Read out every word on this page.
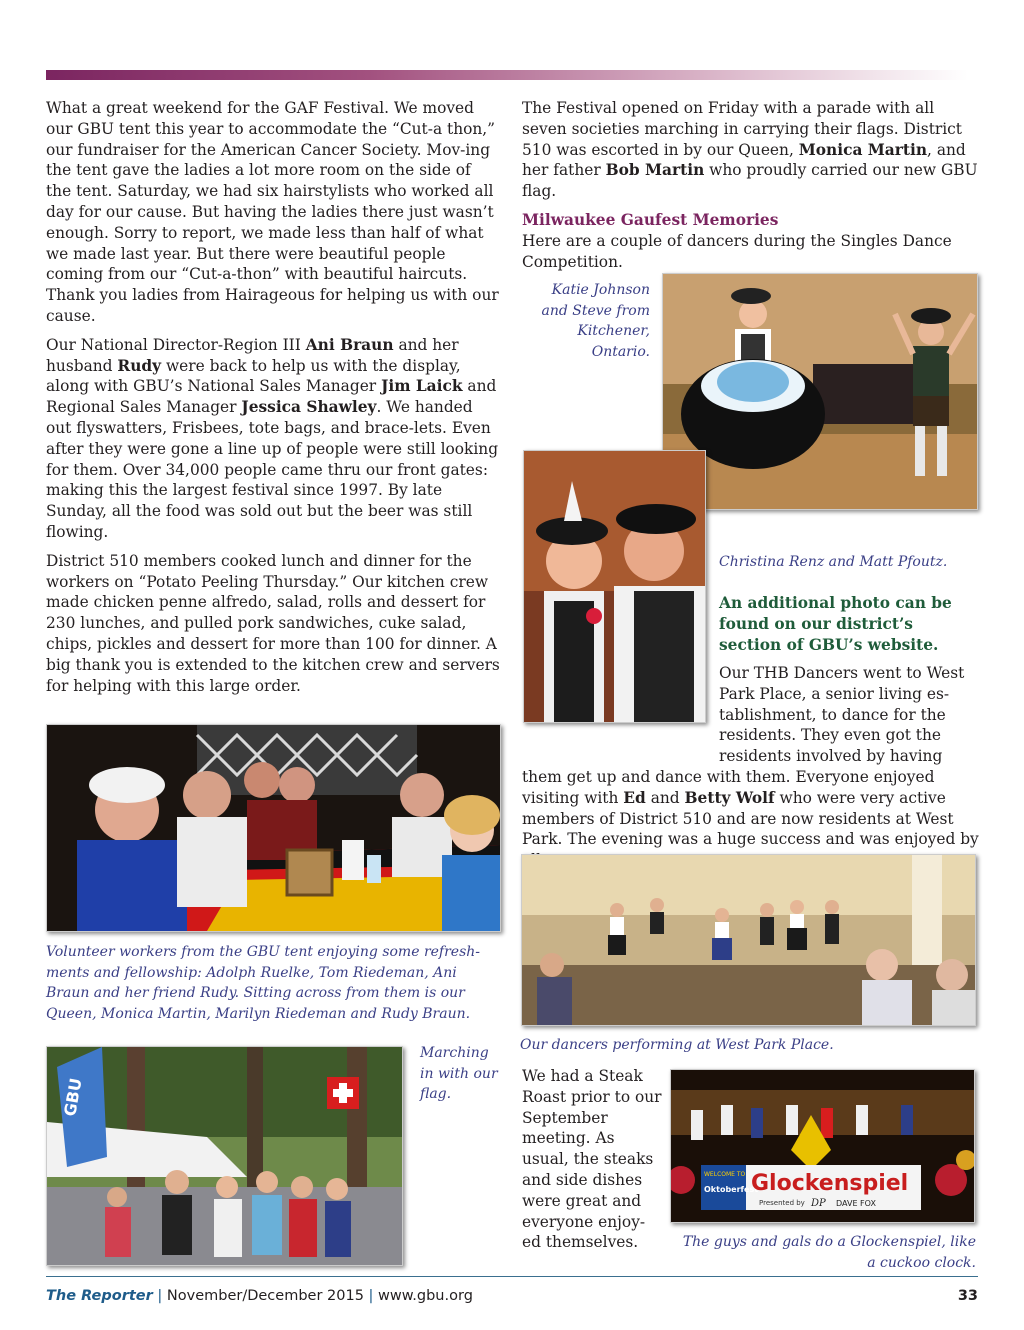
What a great weekend for the GAF Festival. We moved our GBU tent this year to accommodate the “Cut-a thon,” our fundraiser for the American Cancer Society. Mov-ing the tent gave the ladies a lot more room on the side of the tent. Saturday, we had six hairstylists who worked all day for our cause. But having the ladies there just wasn’t enough. Sorry to report, we made less than half of what we made last year. But there were beautiful people coming from our “Cut-a-thon” with beautiful haircuts. Thank you ladies from Hairageous for helping us with our cause.

Our National Director-Region III Ani Braun and her husband Rudy were back to help us with the display, along with GBU’s National Sales Manager Jim Laick and Regional Sales Manager Jessica Shawley. We handed out flyswatters, Frisbees, tote bags, and brace-lets. Even after they were gone a line up of people were still looking for them. Over 34,000 people came thru our front gates: making this the largest festival since 1997. By late Sunday, all the food was sold out but the beer was still flowing.

District 510 members cooked lunch and dinner for the workers on “Potato Peeling Thursday.” Our kitchen crew made chicken penne alfredo, salad, rolls and dessert for 230 lunches, and pulled pork sandwiches, cuke salad, chips, pickles and dessert for more than 100 for dinner. A big thank you is extended to the kitchen crew and servers for helping with this large order.

Volunteer workers from the GBU tent enjoying some refresh-ments and fellowship: Adolph Ruelke, Tom Riedeman, Ani Braun and her friend Rudy. Sitting across from them is our Queen, Monica Martin, Marilyn Riedeman and Rudy Braun.
GBU
Marching in with our flag.

The Festival opened on Friday with a parade with all seven societies marching in carrying their flags. District 510 was escorted in by our Queen, Monica Martin, and her father Bob Martin who proudly carried our new GBU flag.

Milwaukee Gaufest Memories

Here are a couple of dancers during the Singles Dance Competition.

Katie Johnson and Steve from Kitchener, Ontario.
Christina Renz and Matt Pfoutz.

An additional photo can be found on our district’s section of GBU’s website.

Our THB Dancers went to West Park Place, a senior living es-tablishment, to dance for the residents. They even got the residents involved by having them get up and dance with them. Everyone enjoyed visiting with Ed and Betty Wolf who were very active members of District 510 and are now residents at West Park. The evening was a huge success and was enjoyed by

Our dancers performing at West Park Place.

We had a Steak Roast prior to our September meeting. As usual, the steaks and side dishes were great and everyone enjoy-ed themselves.

WELCOME TO
Oktoberfest
Glockenspiel
Presented by DP DAVE FOX
The guys and gals do a Glockenspiel, like a cuckoo clock.
The Reporter | November/December 2015 | www.gbu.org	33
